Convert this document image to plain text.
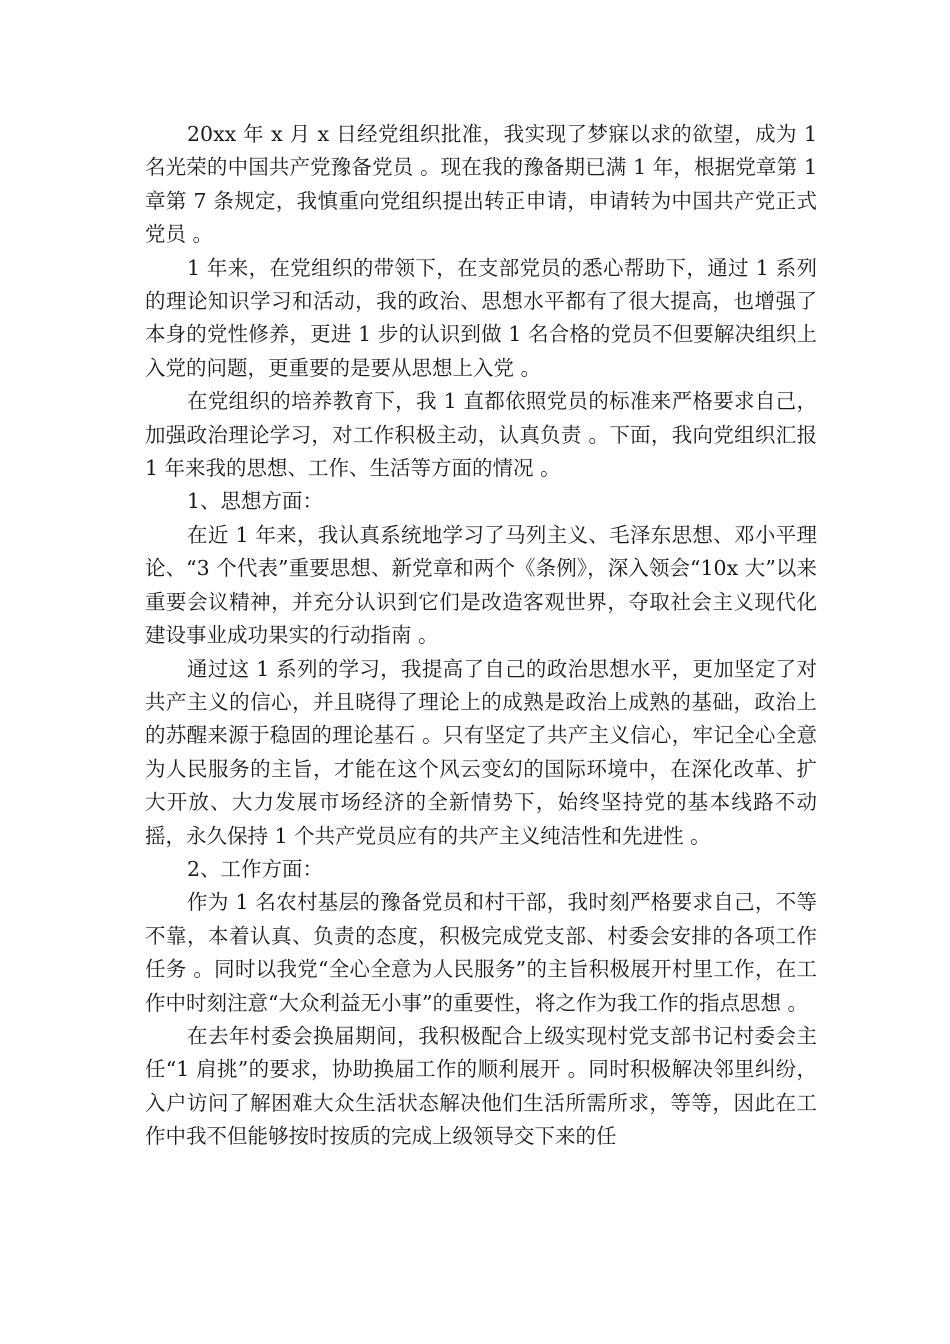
20xx 年 x 月 x 日经党组织批准，我实现了梦寐以求的欲望，成为 1 名光荣的中国共产党豫备党员 。现在我的豫备期已满 1 年，根据党章第 1 章第 7 条规定，我慎重向党组织提出转正申请，申请转为中国共产党正式党员 。

1 年来，在党组织的带领下，在支部党员的悉心帮助下，通过 1 系列的理论知识学习和活动，我的政治、思想水平都有了很大提高，也增强了本身的党性修养，更进 1 步的认识到做 1 名合格的党员不但要解决组织上入党的问题，更重要的是要从思想上入党 。

在党组织的培养教育下，我 1 直都依照党员的标准来严格要求自己，加强政治理论学习，对工作积极主动，认真负责 。下面，我向党组织汇报 1 年来我的思想、工作、生活等方面的情况 。

1、思想方面：

在近 1 年来，我认真系统地学习了马列主义、毛泽东思想、邓小平理论、“3 个代表”重要思想、新党章和两个《条例》，深入领会“10x 大”以来重要会议精神，并充分认识到它们是改造客观世界，夺取社会主义现代化建设事业成功果实的行动指南 。

通过这 1 系列的学习，我提高了自己的政治思想水平，更加坚定了对共产主义的信心，并且晓得了理论上的成熟是政治上成熟的基础，政治上的苏醒来源于稳固的理论基石 。只有坚定了共产主义信心，牢记全心全意为人民服务的主旨，才能在这个风云变幻的国际环境中，在深化改革、扩大开放、大力发展市场经济的全新情势下，始终坚持党的基本线路不动摇，永久保持 1 个共产党员应有的共产主义纯洁性和先进性 。

2、工作方面：

作为 1 名农村基层的豫备党员和村干部，我时刻严格要求自己，不等不靠，本着认真、负责的态度，积极完成党支部、村委会安排的各项工作任务 。同时以我党“全心全意为人民服务”的主旨积极展开村里工作，在工作中时刻注意“大众利益无小事”的重要性，将之作为我工作的指点思想 。

在去年村委会换届期间，我积极配合上级实现村党支部书记村委会主任“1 肩挑”的要求，协助换届工作的顺利展开 。同时积极解决邻里纠纷，入户访问了解困难大众生活状态解决他们生活所需所求，等等，因此在工作中我不但能够按时按质的完成上级领导交下来的任
